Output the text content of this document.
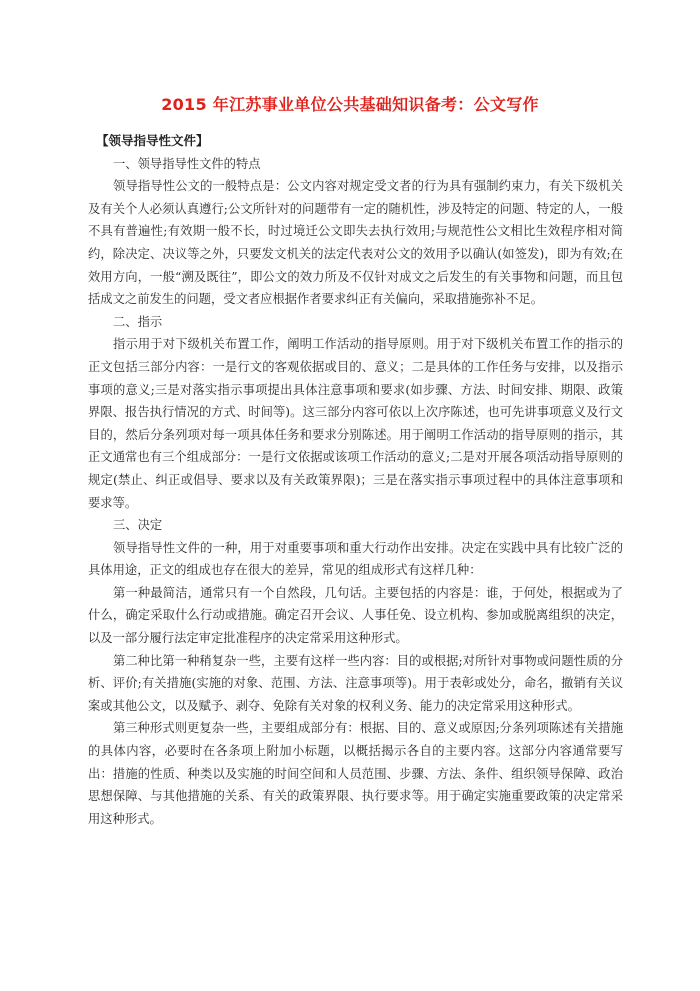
2015 年江苏事业单位公共基础知识备考：公文写作

【领导指导性文件】

一、领导指导性文件的特点

领导指导性公文的一般特点是：公文内容对规定受文者的行为具有强制约束力，有关下级机关及有关个人必须认真遵行;公文所针对的问题带有一定的随机性，涉及特定的问题、特定的人，一般不具有普遍性;有效期一般不长，时过境迁公文即失去执行效用;与规范性公文相比生效程序相对简约，除决定、决议等之外，只要发文机关的法定代表对公文的效用予以确认(如签发)，即为有效;在效用方向，一般“溯及既往”，即公文的效力所及不仅针对成文之后发生的有关事物和问题，而且包括成文之前发生的问题，受文者应根据作者要求纠正有关偏向，采取措施弥补不足。

二、指示

指示用于对下级机关布置工作，阐明工作活动的指导原则。用于对下级机关布置工作的指示的正文包括三部分内容：一是行文的客观依据或目的、意义；二是具体的工作任务与安排，以及指示事项的意义;三是对落实指示事项提出具体注意事项和要求(如步骤、方法、时间安排、期限、政策界限、报告执行情况的方式、时间等)。这三部分内容可依以上次序陈述，也可先讲事项意义及行文目的，然后分条列项对每一项具体任务和要求分别陈述。用于阐明工作活动的指导原则的指示，其正文通常也有三个组成部分：一是行文依据或该项工作活动的意义;二是对开展各项活动指导原则的规定(禁止、纠正或倡导、要求以及有关政策界限)；三是在落实指示事项过程中的具体注意事项和要求等。

三、决定

领导指导性文件的一种，用于对重要事项和重大行动作出安排。决定在实践中具有比较广泛的具体用途，正文的组成也存在很大的差异，常见的组成形式有这样几种：

第一种最简洁，通常只有一个自然段，几句话。主要包括的内容是：谁，于何处，根据或为了什么，确定采取什么行动或措施。确定召开会议、人事任免、设立机构、参加或脱离组织的决定，以及一部分履行法定审定批准程序的决定常采用这种形式。

第二种比第一种稍复杂一些，主要有这样一些内容：目的或根据;对所针对事物或问题性质的分析、评价;有关措施(实施的对象、范围、方法、注意事项等)。用于表彰或处分，命名，撤销有关议案或其他公文，以及赋予、剥夺、免除有关对象的权利义务、能力的决定常采用这种形式。

第三种形式则更复杂一些，主要组成部分有：根据、目的、意义或原因;分条列项陈述有关措施的具体内容，必要时在各条项上附加小标题，以概括揭示各自的主要内容。这部分内容通常要写出：措施的性质、种类以及实施的时间空间和人员范围、步骤、方法、条件、组织领导保障、政治思想保障、与其他措施的关系、有关的政策界限、执行要求等。用于确定实施重要政策的决定常采用这种形式。
